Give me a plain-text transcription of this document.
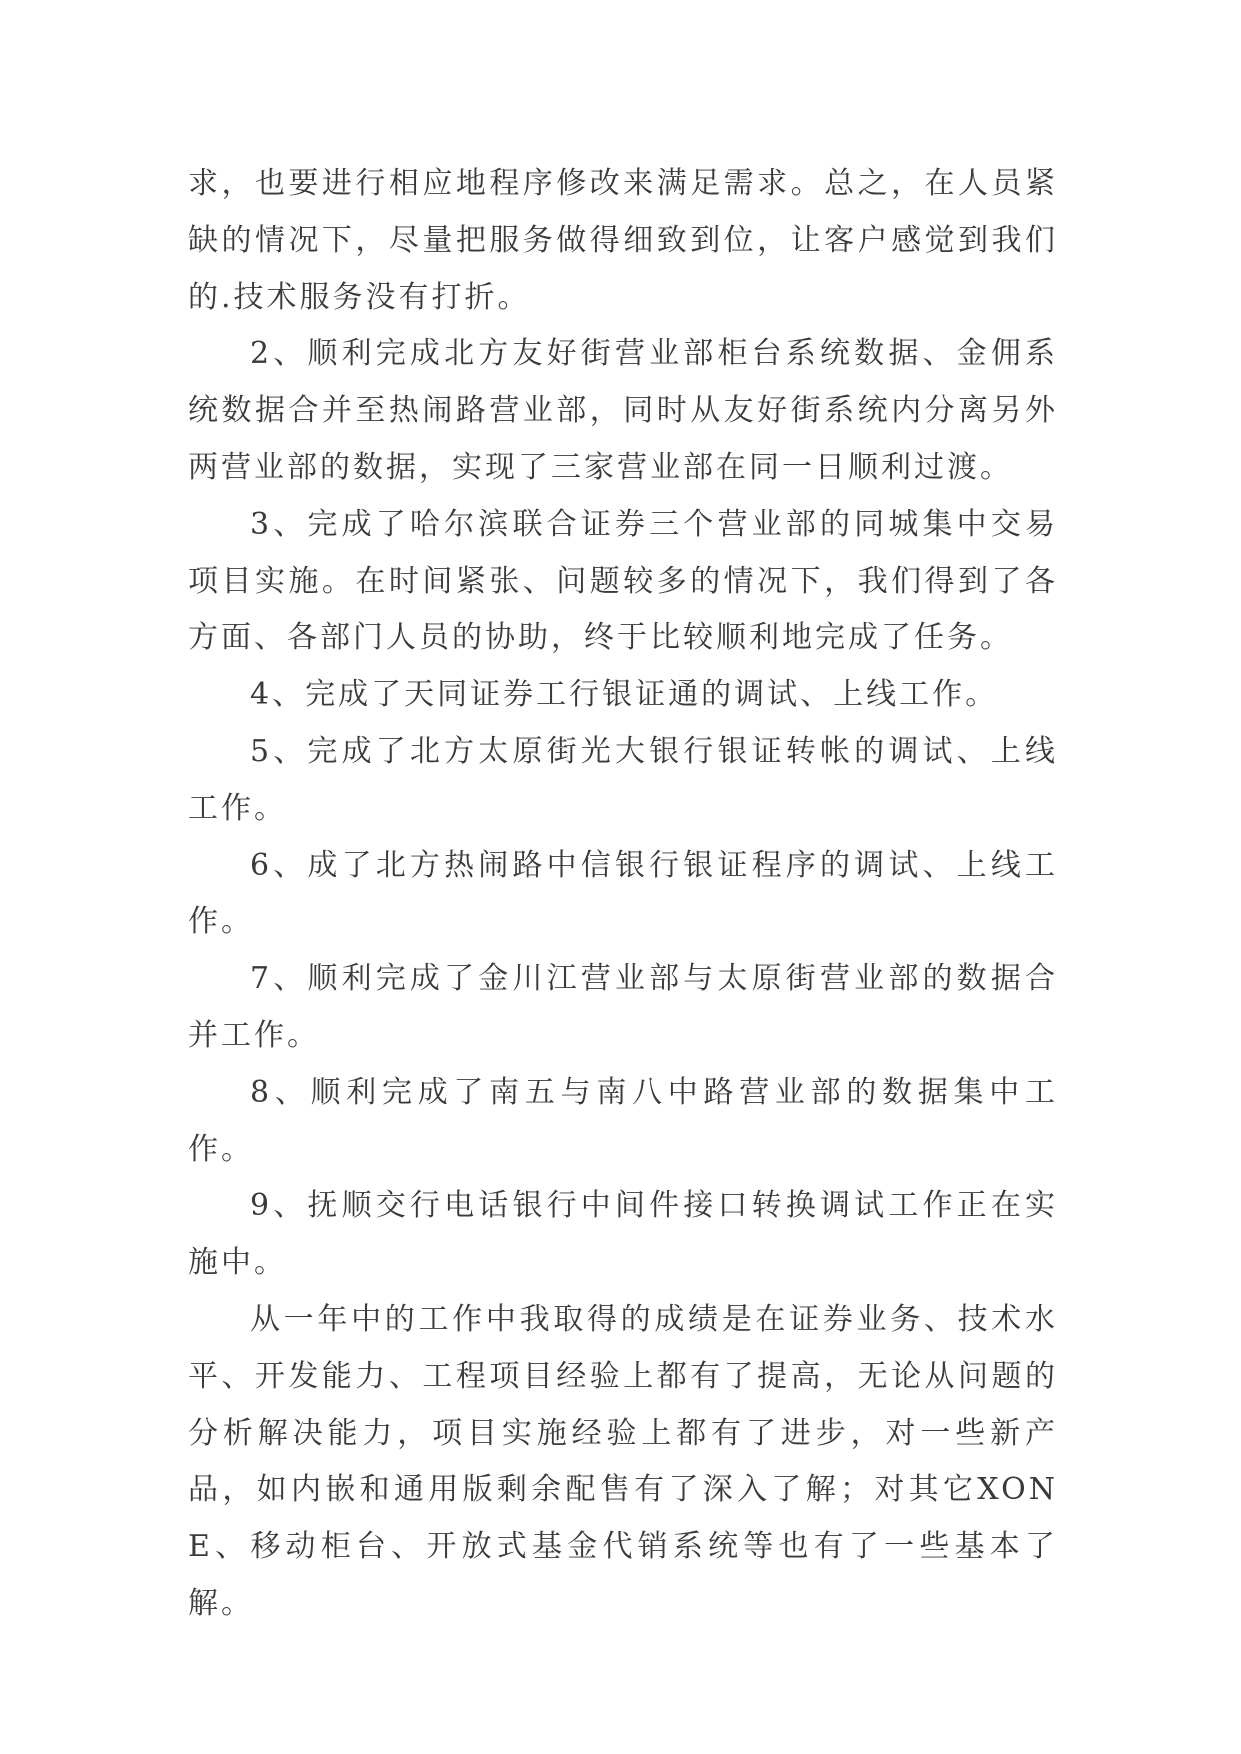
求，也要进行相应地程序修改来满足需求。总之，在人员紧缺的情况下，尽量把服务做得细致到位，让客户感觉到我们的.技术服务没有打折。

2、顺利完成北方友好街营业部柜台系统数据、金佣系统数据合并至热闹路营业部，同时从友好街系统内分离另外两营业部的数据，实现了三家营业部在同一日顺利过渡。

3、完成了哈尔滨联合证券三个营业部的同城集中交易项目实施。在时间紧张、问题较多的情况下，我们得到了各方面、各部门人员的协助，终于比较顺利地完成了任务。

4、完成了天同证券工行银证通的调试、上线工作。

5、完成了北方太原街光大银行银证转帐的调试、上线工作。

6、成了北方热闹路中信银行银证程序的调试、上线工作。

7、顺利完成了金川江营业部与太原街营业部的数据合并工作。

8、顺利完成了南五与南八中路营业部的数据集中工作。

9、抚顺交行电话银行中间件接口转换调试工作正在实施中。

从一年中的工作中我取得的成绩是在证券业务、技术水平、开发能力、工程项目经验上都有了提高，无论从问题的分析解决能力，项目实施经验上都有了进步，对一些新产品，如内嵌和通用版剩余配售有了深入了解；对其它XONE、移动柜台、开放式基金代销系统等也有了一些基本了解。
